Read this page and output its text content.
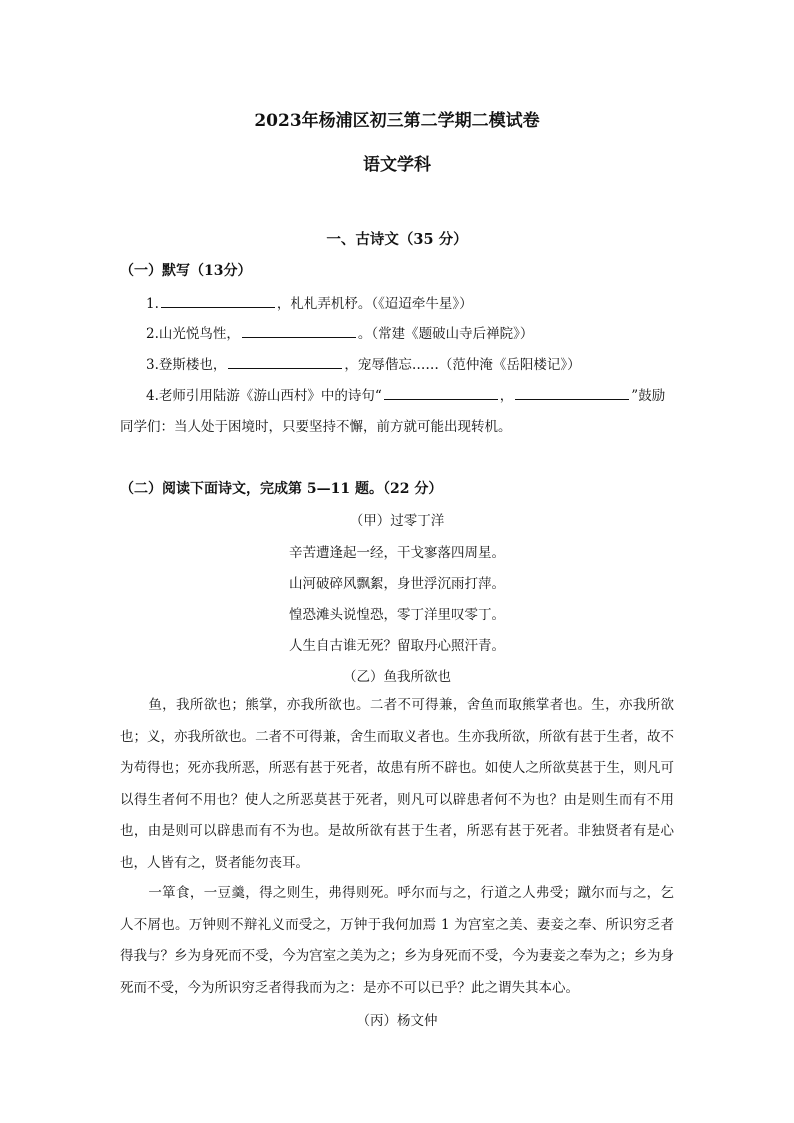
2023年杨浦区初三第二学期二模试卷
语文学科
一、古诗文（35 分）
（一）默写（13分）
1.	，札札弄机杼。（《迢迢牵牛星》）
2.山光悦鸟性，	。（常建《题破山寺后禅院》）
3.登斯楼也，	，宠辱偕忘……（范仲淹《岳阳楼记》）
4.老师引用陆游《游山西村》中的诗句“	，	”鼓励
同学们：当人处于困境时，只要坚持不懈，前方就可能出现转机。
（二）阅读下面诗文，完成第 5—11 题。（22 分）
（甲）过零丁洋
辛苦遭逢起一经，干戈寥落四周星。
山河破碎风飘絮，身世浮沉雨打萍。
惶恐滩头说惶恐，零丁洋里叹零丁。
人生自古谁无死？留取丹心照汗青。
（乙）鱼我所欲也
鱼，我所欲也；熊掌，亦我所欲也。二者不可得兼，舍鱼而取熊掌者也。生，亦我所欲也；义，亦我所欲也。二者不可得兼，舍生而取义者也。生亦我所欲，所欲有甚于生者，故不为苟得也；死亦我所恶，所恶有甚于死者，故患有所不辟也。如使人之所欲莫甚于生，则凡可以得生者何不用也？使人之所恶莫甚于死者，则凡可以辟患者何不为也？由是则生而有不用也，由是则可以辟患而有不为也。是故所欲有甚于生者，所恶有甚于死者。非独贤者有是心也，人皆有之，贤者能勿丧耳。
一箪食，一豆羹，得之则生，弗得则死。呼尔而与之，行道之人弗受；蹴尔而与之，乞人不屑也。万钟则不辩礼义而受之，万钟于我何加焉 1 为宫室之美、妻妾之奉、所识穷乏者得我与？乡为身死而不受，今为宫室之美为之；乡为身死而不受，今为妻妾之奉为之；乡为身死而不受，今为所识穷乏者得我而为之：是亦不可以已乎？此之谓失其本心。
（丙）杨文仲
